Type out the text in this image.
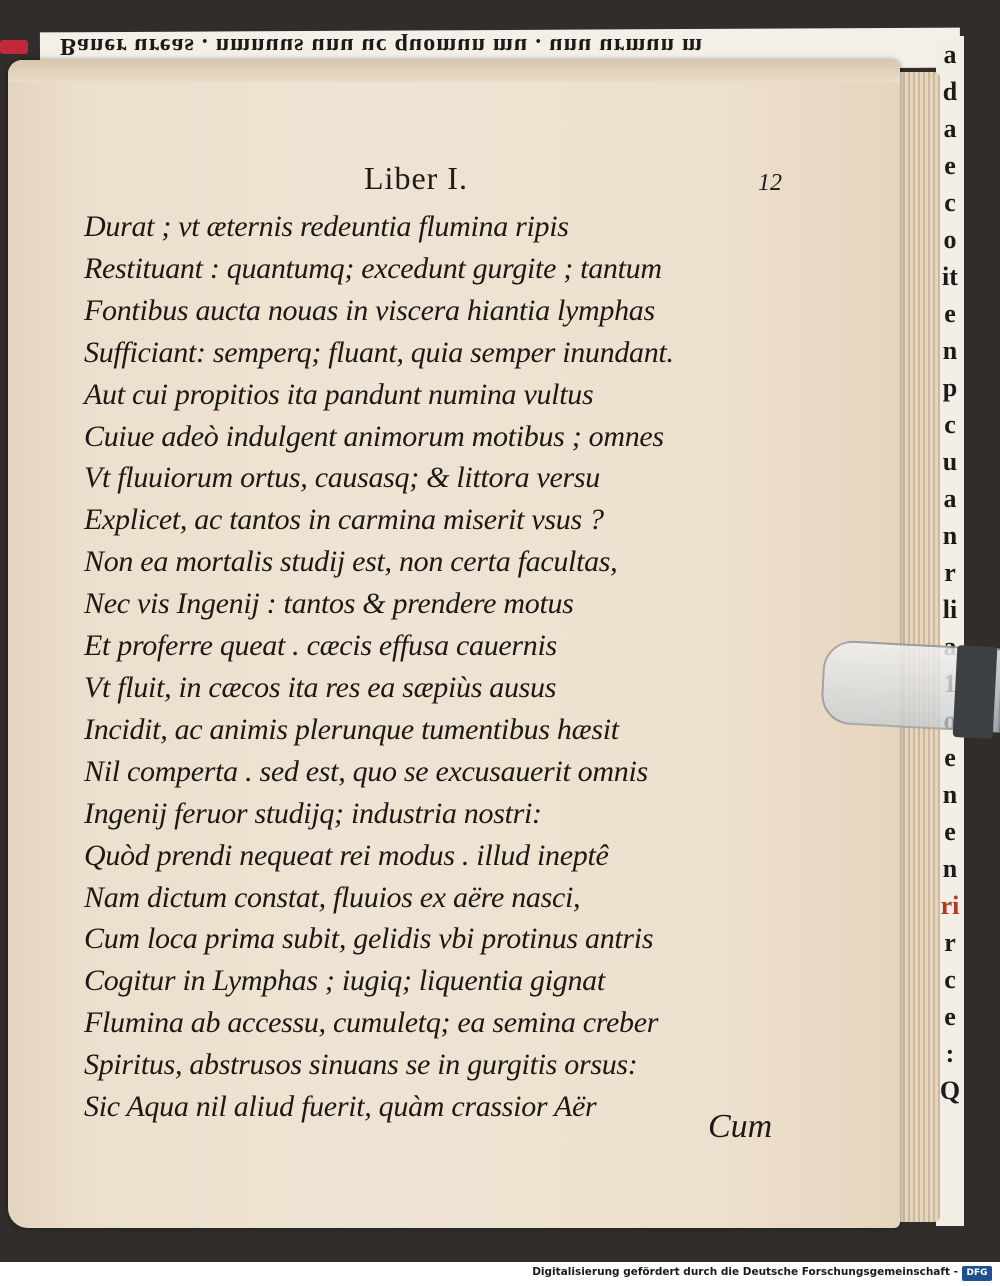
Baner ureas . nmnuus unu uc quomun mu . unu urmun m	a
d
a
e
c
o
it
e
n
p
c
u
a
n
r
li
e
n
e
n
ri
r
c
e
:
Q
Liber I.	12
Durat ; vt æternis redeuntia flumina ripis
Restituant : quantumq; excedunt gurgite ; tantum
Fontibus aucta nouas in viscera hiantia lymphas
Sufficiant: semperq; fluant, quia semper inundant.
Aut cui propitios ita pandunt numina vultus
Cuiue adeò indulgent animorum motibus ; omnes
Vt fluuiorum ortus, causasq; & littora versu
Explicet, ac tantos in carmina miserit vsus ?
Non ea mortalis studij est, non certa facultas,
Nec vis Ingenij : tantos & prendere motus
Et proferre queat . cæcis effusa cauernis
Vt fluit, in cæcos ita res ea sæpiùs ausus
Incidit, ac animis plerunque tumentibus hæsit
Nil comperta . sed est, quo se excusauerit omnis
Ingenij feruor studijq; industria nostri:
Quòd prendi nequeat rei modus . illud ineptê
Nam dictum constat, fluuios ex aëre nasci,
Cum loca prima subit, gelidis vbi protinus antris
Cogitur in Lymphas ; iugiq; liquentia gignat
Flumina ab accessu, cumuletq; ea semina creber
Spiritus, abstrusos sinuans se in gurgitis orsus:
Sic Aqua nil aliud fuerit, quàm crassior Aër
Cum
Digitalisierung gefördert durch die Deutsche Forschungsgemeinschaft - DFG
